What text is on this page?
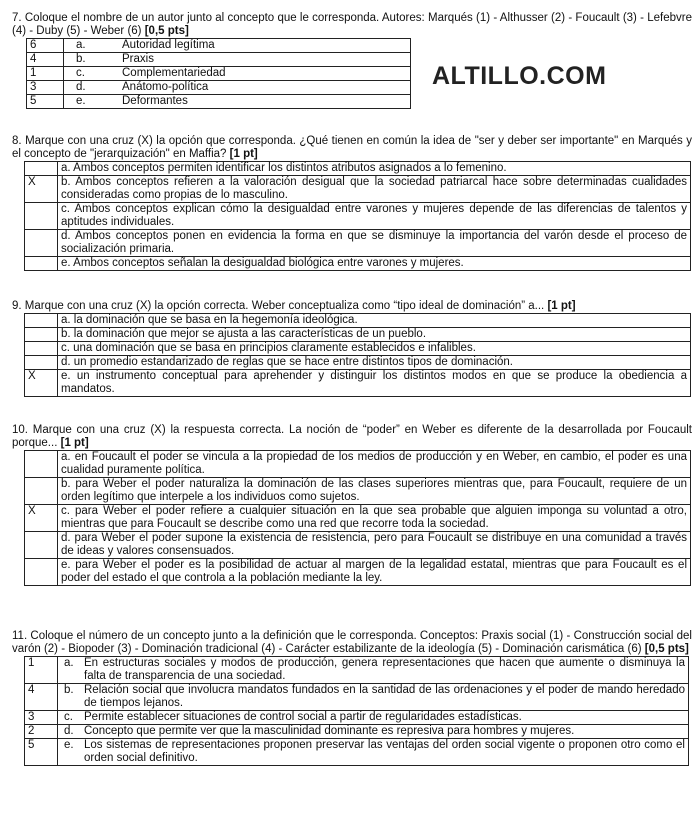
ALTILLO.COM
7. Coloque el nombre de un autor junto al concepto que le corresponda. Autores: Marqués (1) - Althusser (2) - Foucault (3) - Lefebvre (4) - Duby (5) - Weber (6) [0,5 pts]
6	a.	Autoridad legítima
4	b.	Praxis
1	c.	Complementariedad
3	d.	Anátomo-política
5	e.	Deformantes
8. Marque con una cruz (X) la opción que corresponda. ¿Qué tienen en común la idea de "ser y deber ser importante" en Marqués y el concepto de "jerarquización" en Maffia? [1 pt]
	a. Ambos conceptos permiten identificar los distintos atributos asignados a lo femenino.
X	b. Ambos conceptos refieren a la valoración desigual que la sociedad patriarcal hace sobre determinadas cualidades consideradas como propias de lo masculino.
	c. Ambos conceptos explican cómo la desigualdad entre varones y mujeres depende de las diferencias de talentos y aptitudes individuales.
	d. Ambos conceptos ponen en evidencia la forma en que se disminuye la importancia del varón desde el proceso de socialización primaria.
	e. Ambos conceptos señalan la desigualdad biológica entre varones y mujeres.
9. Marque con una cruz (X) la opción correcta. Weber conceptualiza como “tipo ideal de dominación” a... [1 pt]
	a. la dominación que se basa en la hegemonía ideológica.
	b. la dominación que mejor se ajusta a las características de un pueblo.
	c. una dominación que se basa en principios claramente establecidos e infalibles.
	d. un promedio estandarizado de reglas que se hace entre distintos tipos de dominación.
X	e. un instrumento conceptual para aprehender y distinguir los distintos modos en que se produce la obediencia a mandatos.
10. Marque con una cruz (X) la respuesta correcta. La noción de “poder” en Weber es diferente de la desarrollada por Foucault porque... [1 pt]
	a. en Foucault el poder se vincula a la propiedad de los medios de producción y en Weber, en cambio, el poder es una cualidad puramente política.
	b. para Weber el poder naturaliza la dominación de las clases superiores mientras que, para Foucault, requiere de un orden legítimo que interpele a los individuos como sujetos.
X	c. para Weber el poder refiere a cualquier situación en la que sea probable que alguien imponga su voluntad a otro, mientras que para Foucault se describe como una red que recorre toda la sociedad.
	d. para Weber el poder supone la existencia de resistencia, pero para Foucault se distribuye en una comunidad a través de ideas y valores consensuados.
	e. para Weber el poder es la posibilidad de actuar al margen de la legalidad estatal, mientras que para Foucault es el poder del estado el que controla a la población mediante la ley.
11. Coloque el número de un concepto junto a la definición que le corresponda. Conceptos: Praxis social (1) - Construcción social del varón (2) - Biopoder (3) - Dominación tradicional (4) - Carácter estabilizante de la ideología (5) - Dominación carismática (6) [0,5 pts]
1	a.	En estructuras sociales y modos de producción, genera representaciones que hacen que aumente o disminuya la falta de transparencia de una sociedad.
4	b.	Relación social que involucra mandatos fundados en la santidad de las ordenaciones y el poder de mando heredado de tiempos lejanos.
3	c.	Permite establecer situaciones de control social a partir de regularidades estadísticas.
2	d.	Concepto que permite ver que la masculinidad dominante es represiva para hombres y mujeres.
5	e.	Los sistemas de representaciones proponen preservar las ventajas del orden social vigente o proponen otro como el orden social definitivo.
